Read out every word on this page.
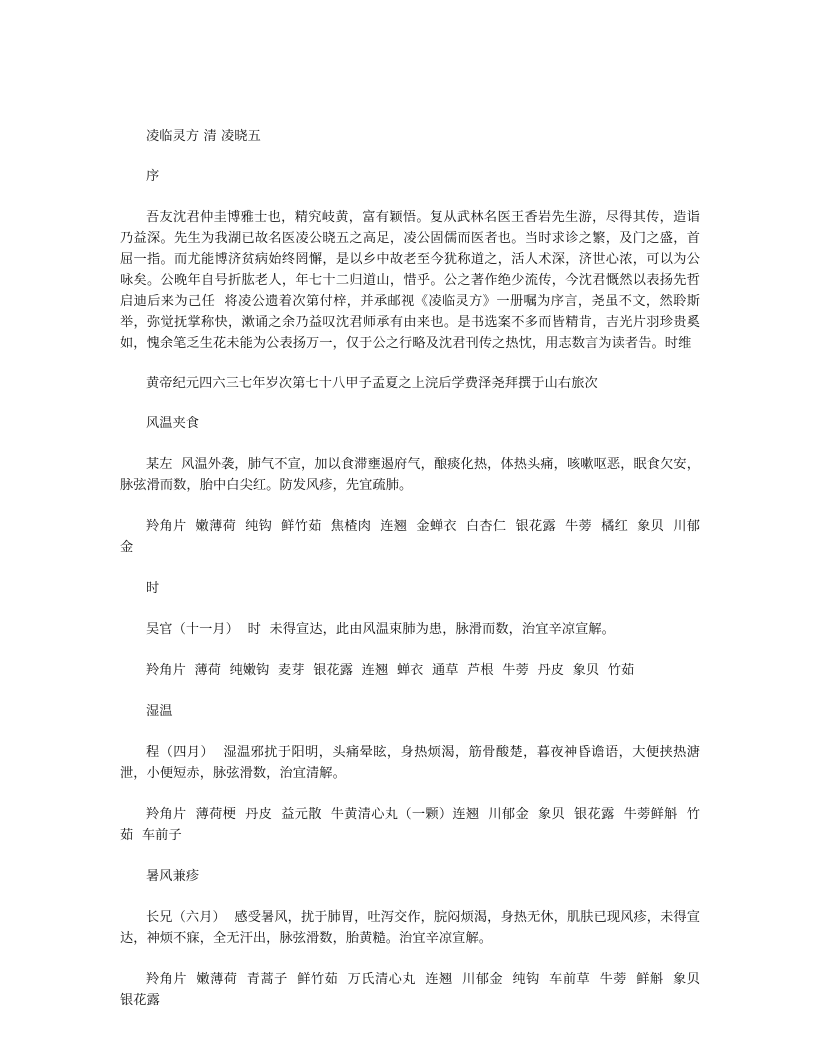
凌临灵方 清 凌晓五

序

吾友沈君仲圭博雅士也，精究岐黄，富有颖悟。复从武林名医王香岩先生游，尽得其传，造诣乃益深。先生为我湖已故名医凌公晓五之高足，凌公固儒而医者也。当时求诊之繁，及门之盛，首屈一指。而尤能博济贫病始终罔懈，是以乡中故老至今犹称道之，活人术深，济世心浓，可以为公咏矣。公晚年自号折肱老人，年七十二归道山，惜乎。公之著作绝少流传，今沈君慨然以表扬先哲启迪后来为己任  将凌公遗着次第付梓，并承邮视《凌临灵方》一册嘱为序言，尧虽不文，然聆斯举，弥觉抚掌称快，漱诵之余乃益叹沈君师承有由来也。是书选案不多而皆精肯，吉光片羽珍贵奚如，愧余笔乏生花未能为公表扬万一，仅于公之行略及沈君刊传之热忱，用志数言为读者告。时维

黄帝纪元四六三七年岁次第七十八甲子孟夏之上浣后学费泽尧拜撰于山右旅次

风温夹食

某左  风温外袭，肺气不宣，加以食滞壅遏府气，酿痰化热，体热头痛，咳嗽呕恶，眠食欠安，脉弦滑而数，胎中白尖红。防发风疹，先宜疏肺。

羚角片  嫩薄荷  纯钩  鲜竹茹  焦楂肉  连翘  金蝉衣  白杏仁  银花露  牛蒡  橘红  象贝  川郁金

时

吴官（十一月）  时  未得宣达，此由风温束肺为患，脉滑而数，治宜辛凉宣解。

羚角片  薄荷  纯嫩钩  麦芽  银花露  连翘  蝉衣  通草  芦根  牛蒡  丹皮  象贝  竹茹

湿温

程（四月）  湿温邪扰于阳明，头痛晕眩，身热烦渴，筋骨酸楚，暮夜神昏谵语，大便挟热溏泄，小便短赤，脉弦滑数，治宜清解。

羚角片  薄荷梗  丹皮  益元散  牛黄清心丸（一颗）连翘  川郁金  象贝  银花露  牛蒡鲜斛  竹茹  车前子

暑风兼疹

长兄（六月）  感受暑风，扰于肺胃，吐泻交作，脘闷烦渴，身热无休，肌肤已现风疹，未得宣达，神烦不寐，全无汗出，脉弦滑数，胎黄糙。治宜辛凉宣解。

羚角片  嫩薄荷  青蒿子  鲜竹茹  万氏清心丸  连翘  川郁金  纯钩  车前草  牛蒡  鲜斛  象贝  银花露
